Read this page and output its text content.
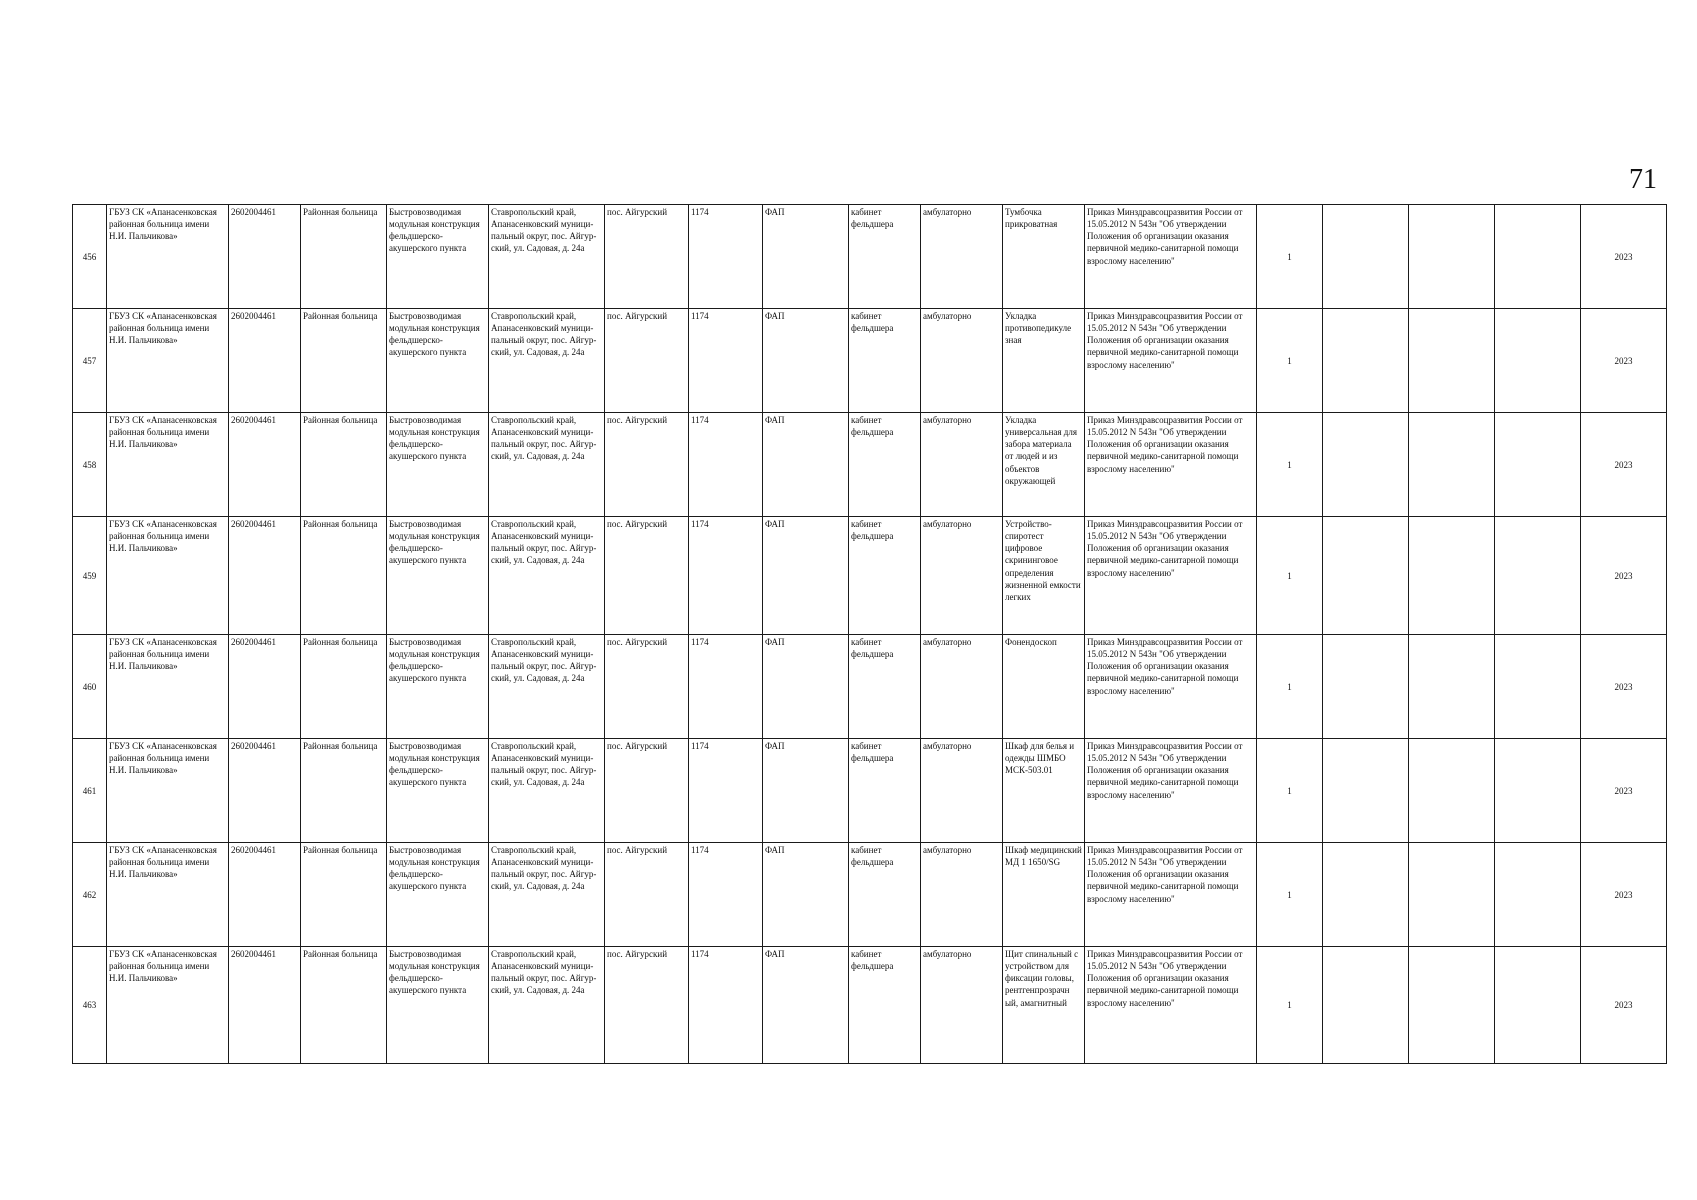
71
456	ГБУЗ СК «Апанасенковская районная больница имени Н.И. Пальчикова»	2602004461	Районная больница	Быстровозводимая модульная конструкция фельдшерско-акушерского пункта	Ставропольский край, Апанасенковский муници-пальный округ, пос. Айгур-ский, ул. Садовая, д. 24а	пос. Айгурский	1174	ФАП	кабинет фельдшера	амбулаторно	Тумбочка прикроватная	Приказ Минздравсоцразвития России от 15.05.2012 N 543н "Об утверждении Положения об организации оказания первичной медико-санитарной помощи взрослому населению"	1				2023	
457	ГБУЗ СК «Апанасенковская районная больница имени Н.И. Пальчикова»	2602004461	Районная больница	Быстровозводимая модульная конструкция фельдшерско-акушерского пункта	Ставропольский край, Апанасенковский муници-пальный округ, пос. Айгур-ский, ул. Садовая, д. 24а	пос. Айгурский	1174	ФАП	кабинет фельдшера	амбулаторно	Укладка противопедикуле зная	Приказ Минздравсоцразвития России от 15.05.2012 N 543н "Об утверждении Положения об организации оказания первичной медико-санитарной помощи взрослому населению"	1				2023	
458	ГБУЗ СК «Апанасенковская районная больница имени Н.И. Пальчикова»	2602004461	Районная больница	Быстровозводимая модульная конструкция фельдшерско-акушерского пункта	Ставропольский край, Апанасенковский муници-пальный округ, пос. Айгур-ский, ул. Садовая, д. 24а	пос. Айгурский	1174	ФАП	кабинет фельдшера	амбулаторно	Укладка универсальная для забора материала от людей и из объектов окружающей	Приказ Минздравсоцразвития России от 15.05.2012 N 543н "Об утверждении Положения об организации оказания первичной медико-санитарной помощи взрослому населению"	1				2023	
459	ГБУЗ СК «Апанасенковская районная больница имени Н.И. Пальчикова»	2602004461	Районная больница	Быстровозводимая модульная конструкция фельдшерско-акушерского пункта	Ставропольский край, Апанасенковский муници-пальный округ, пос. Айгур-ский, ул. Садовая, д. 24а	пос. Айгурский	1174	ФАП	кабинет фельдшера	амбулаторно	Устройство-спиротест цифровое скрининговое определения жизненной емкости легких	Приказ Минздравсоцразвития России от 15.05.2012 N 543н "Об утверждении Положения об организации оказания первичной медико-санитарной помощи взрослому населению"	1				2023	
460	ГБУЗ СК «Апанасенковская районная больница имени Н.И. Пальчикова»	2602004461	Районная больница	Быстровозводимая модульная конструкция фельдшерско-акушерского пункта	Ставропольский край, Апанасенковский муници-пальный округ, пос. Айгур-ский, ул. Садовая, д. 24а	пос. Айгурский	1174	ФАП	кабинет фельдшера	амбулаторно	Фонендоскоп	Приказ Минздравсоцразвития России от 15.05.2012 N 543н "Об утверждении Положения об организации оказания первичной медико-санитарной помощи взрослому населению"	1				2023	
461	ГБУЗ СК «Апанасенковская районная больница имени Н.И. Пальчикова»	2602004461	Районная больница	Быстровозводимая модульная конструкция фельдшерско-акушерского пункта	Ставропольский край, Апанасенковский муници-пальный округ, пос. Айгур-ский, ул. Садовая, д. 24а	пос. Айгурский	1174	ФАП	кабинет фельдшера	амбулаторно	Шкаф для белья и одежды ШМБО МСК-503.01	Приказ Минздравсоцразвития России от 15.05.2012 N 543н "Об утверждении Положения об организации оказания первичной медико-санитарной помощи взрослому населению"	1				2023	
462	ГБУЗ СК «Апанасенковская районная больница имени Н.И. Пальчикова»	2602004461	Районная больница	Быстровозводимая модульная конструкция фельдшерско-акушерского пункта	Ставропольский край, Апанасенковский муници-пальный округ, пос. Айгур-ский, ул. Садовая, д. 24а	пос. Айгурский	1174	ФАП	кабинет фельдшера	амбулаторно	Шкаф медицинский МД 1 1650/SG	Приказ Минздравсоцразвития России от 15.05.2012 N 543н "Об утверждении Положения об организации оказания первичной медико-санитарной помощи взрослому населению"	1				2023	
463	ГБУЗ СК «Апанасенковская районная больница имени Н.И. Пальчикова»	2602004461	Районная больница	Быстровозводимая модульная конструкция фельдшерско-акушерского пункта	Ставропольский край, Апанасенковский муници-пальный округ, пос. Айгур-ский, ул. Садовая, д. 24а	пос. Айгурский	1174	ФАП	кабинет фельдшера	амбулаторно	Щит спинальный с устройством для фиксации головы, рентгенпрозрачн ый, амагнитный	Приказ Минздравсоцразвития России от 15.05.2012 N 543н "Об утверждении Положения об организации оказания первичной медико-санитарной помощи взрослому населению"	1				2023	
